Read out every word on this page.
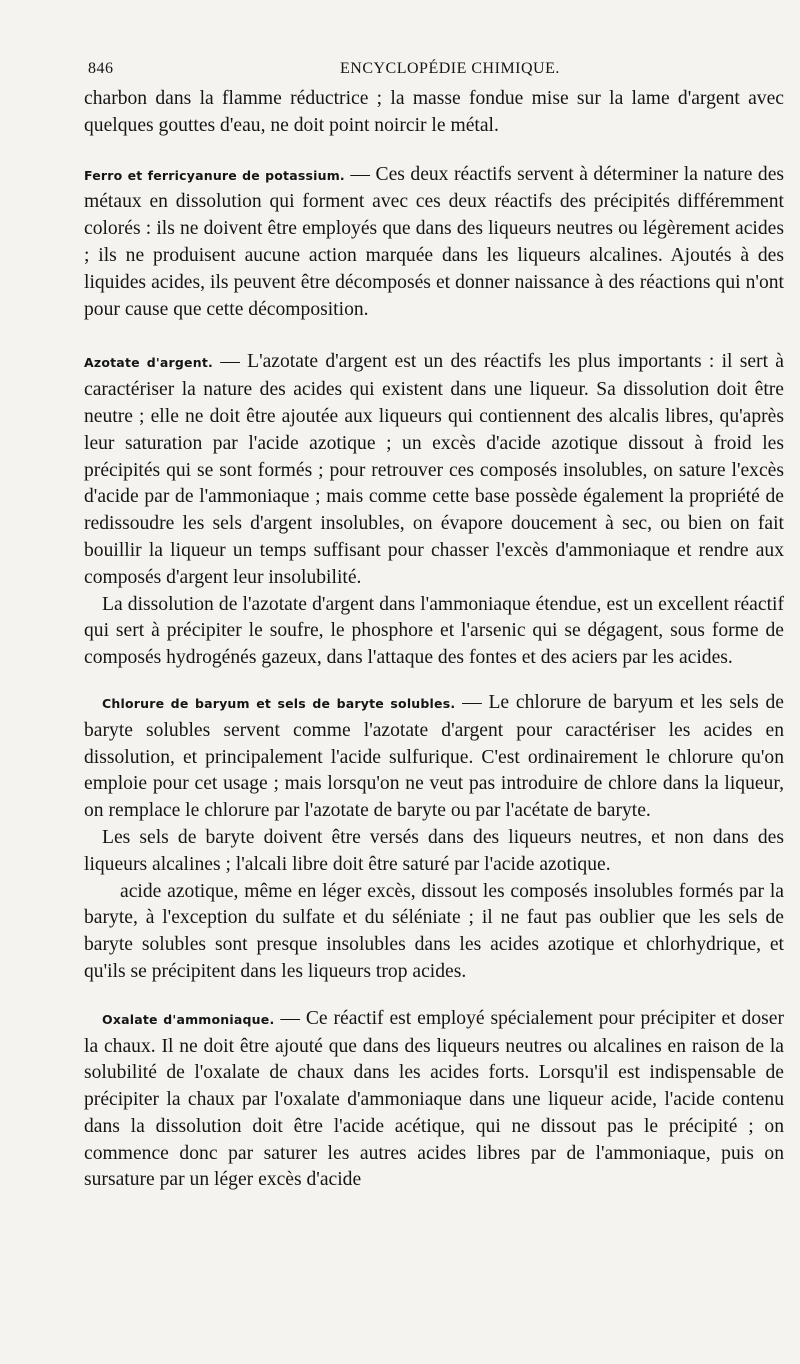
846	ENCYCLOPÉDIE CHIMIQUE.

charbon dans la flamme réductrice ; la masse fondue mise sur la lame d'argent avec quelques gouttes d'eau, ne doit point noircir le métal.

Ferro et ferricyanure de potassium. — Ces deux réactifs servent à déterminer la nature des métaux en dissolution qui forment avec ces deux réactifs des précipités différemment colorés : ils ne doivent être employés que dans des liqueurs neutres ou légèrement acides ; ils ne produisent aucune action marquée dans les liqueurs alcalines. Ajoutés à des liquides acides, ils peuvent être décomposés et donner naissance à des réactions qui n'ont pour cause que cette décomposition.

Azotate d'argent. — L'azotate d'argent est un des réactifs les plus importants : il sert à caractériser la nature des acides qui existent dans une liqueur. Sa dissolution doit être neutre ; elle ne doit être ajoutée aux liqueurs qui contiennent des alcalis libres, qu'après leur saturation par l'acide azotique ; un excès d'acide azotique dissout à froid les précipités qui se sont formés ; pour retrouver ces composés insolubles, on sature l'excès d'acide par de l'ammoniaque ; mais comme cette base possède également la propriété de redissoudre les sels d'argent insolubles, on évapore doucement à sec, ou bien on fait bouillir la liqueur un temps suffisant pour chasser l'excès d'ammoniaque et rendre aux composés d'argent leur insolubilité.

La dissolution de l'azotate d'argent dans l'ammoniaque étendue, est un excellent réactif qui sert à précipiter le soufre, le phosphore et l'arsenic qui se dégagent, sous forme de composés hydrogénés gazeux, dans l'attaque des fontes et des aciers par les acides.

Chlorure de baryum et sels de baryte solubles. — Le chlorure de baryum et les sels de baryte solubles servent comme l'azotate d'argent pour caractériser les acides en dissolution, et principalement l'acide sulfurique. C'est ordinairement le chlorure qu'on emploie pour cet usage ; mais lorsqu'on ne veut pas introduire de chlore dans la liqueur, on remplace le chlorure par l'azotate de baryte ou par l'acétate de baryte.

Les sels de baryte doivent être versés dans des liqueurs neutres, et non dans des liqueurs alcalines ; l'alcali libre doit être saturé par l'acide azotique.

acide azotique, même en léger excès, dissout les composés insolubles formés par la baryte, à l'exception du sulfate et du séléniate ; il ne faut pas oublier que les sels de baryte solubles sont presque insolubles dans les acides azotique et chlorhydrique, et qu'ils se précipitent dans les liqueurs trop acides.

Oxalate d'ammoniaque. — Ce réactif est employé spécialement pour précipiter et doser la chaux. Il ne doit être ajouté que dans des liqueurs neutres ou alcalines en raison de la solubilité de l'oxalate de chaux dans les acides forts. Lorsqu'il est indispensable de précipiter la chaux par l'oxalate d'ammoniaque dans une liqueur acide, l'acide contenu dans la dissolution doit être l'acide acétique, qui ne dissout pas le précipité ; on commence donc par saturer les autres acides libres par de l'ammoniaque, puis on sursature par un léger excès d'acide
